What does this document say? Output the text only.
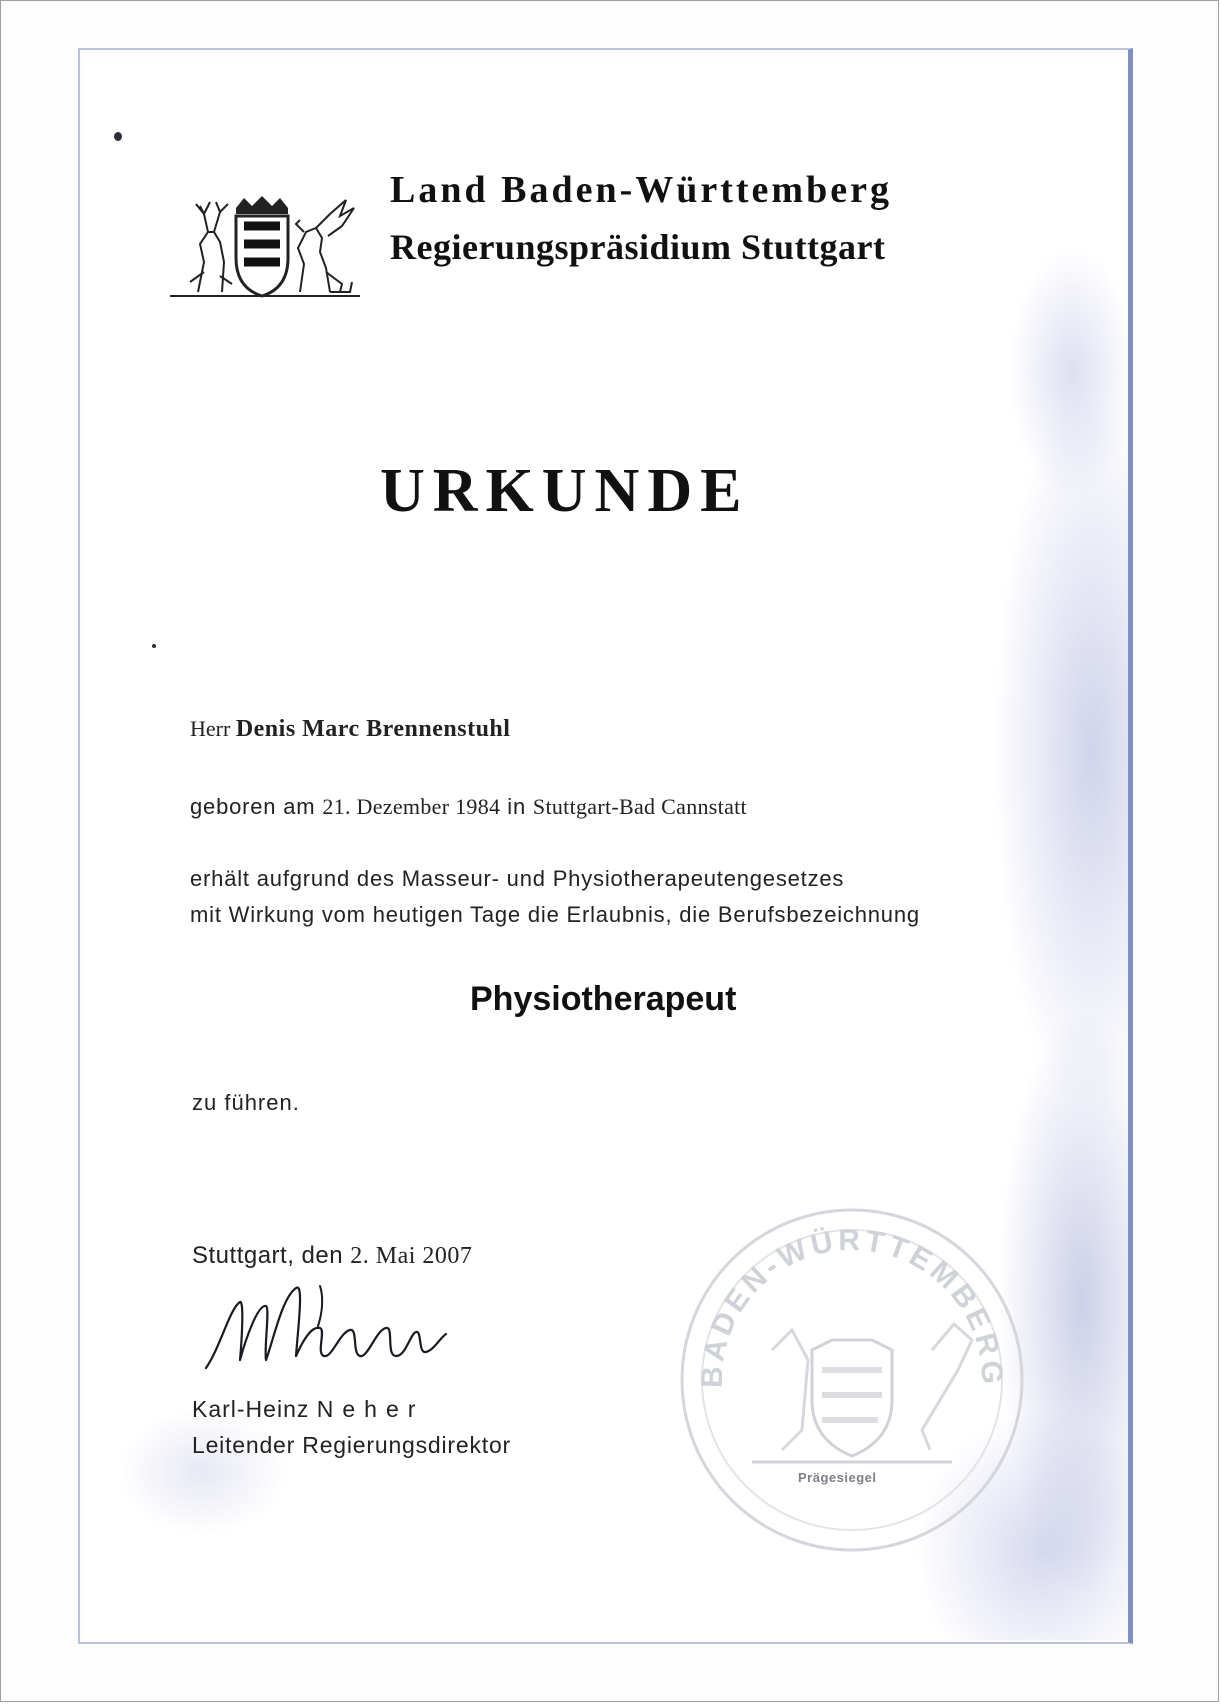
Land Baden-Württemberg
Regierungspräsidium Stuttgart
URKUNDE
Herr Denis Marc Brennenstuhl
geboren am 21. Dezember 1984 in Stuttgart-Bad Cannstatt
erhält aufgrund des Masseur- und Physiotherapeutengesetzes
mit Wirkung vom heutigen Tage die Erlaubnis, die Berufsbezeichnung
Physiotherapeut
zu führen.
Stuttgart, den 2. Mai 2007
Karl-Heinz Neher
Leitender Regierungsdirektor
BADEN-WÜRTTEMBERG
Prägesiegel
